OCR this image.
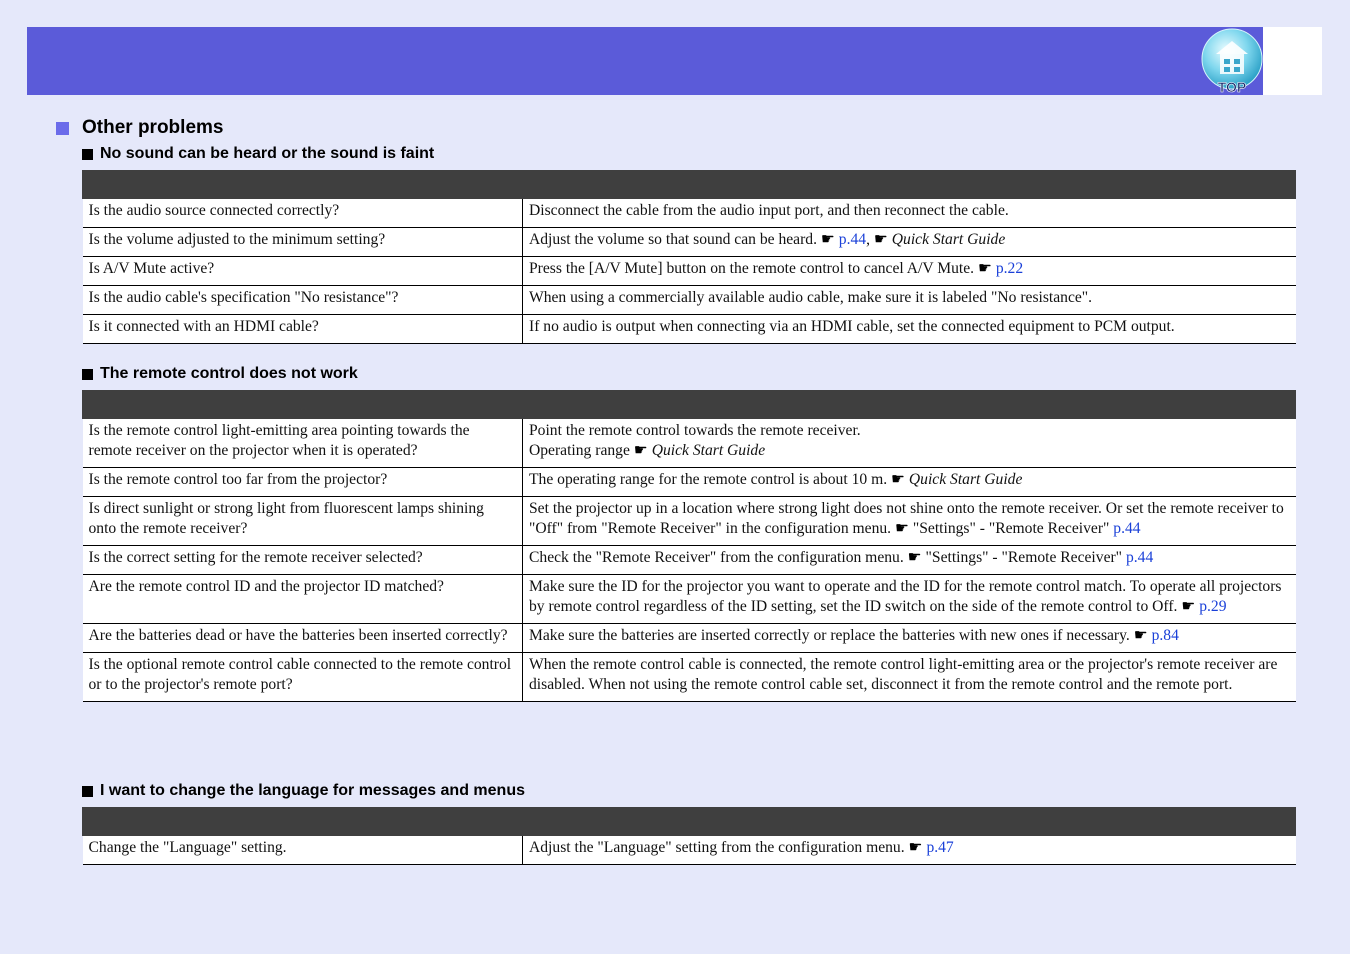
TOP
Other problems
No sound can be heard or the sound is faint

Is the audio source connected correctly?	Disconnect the cable from the audio input port, and then reconnect the cable.
Is the volume adjusted to the minimum setting?	Adjust the volume so that sound can be heard. ☛ p.44, ☛ Quick Start Guide
Is A/V Mute active?	Press the [A/V Mute] button on the remote control to cancel A/V Mute. ☛ p.22
Is the audio cable's specification "No resistance"?	When using a commercially available audio cable, make sure it is labeled "No resistance".
Is it connected with an HDMI cable?	If no audio is output when connecting via an HDMI cable, set the connected equipment to PCM output.
The remote control does not work

Is the remote control light-emitting area pointing towards the remote receiver on the projector when it is operated?	Point the remote control towards the remote receiver.
Operating range ☛ Quick Start Guide
Is the remote control too far from the projector?	The operating range for the remote control is about 10 m. ☛ Quick Start Guide
Is direct sunlight or strong light from fluorescent lamps shining onto the remote receiver?	Set the projector up in a location where strong light does not shine onto the remote receiver. Or set the remote receiver to "Off" from "Remote Receiver" in the configuration menu. ☛ "Settings" - "Remote Receiver" p.44
Is the correct setting for the remote receiver selected?	Check the "Remote Receiver" from the configuration menu. ☛ "Settings" - "Remote Receiver" p.44
Are the remote control ID and the projector ID matched?	Make sure the ID for the projector you want to operate and the ID for the remote control match. To operate all projectors by remote control regardless of the ID setting, set the ID switch on the side of the remote control to Off. ☛ p.29
Are the batteries dead or have the batteries been inserted correctly?	Make sure the batteries are inserted correctly or replace the batteries with new ones if necessary. ☛ p.84
Is the optional remote control cable connected to the remote control or to the projector's remote port?	When the remote control cable is connected, the remote control light-emitting area or the projector's remote receiver are disabled. When not using the remote control cable set, disconnect it from the remote control and the remote port.
I want to change the language for messages and menus

Change the "Language" setting.	Adjust the "Language" setting from the configuration menu. ☛ p.47
